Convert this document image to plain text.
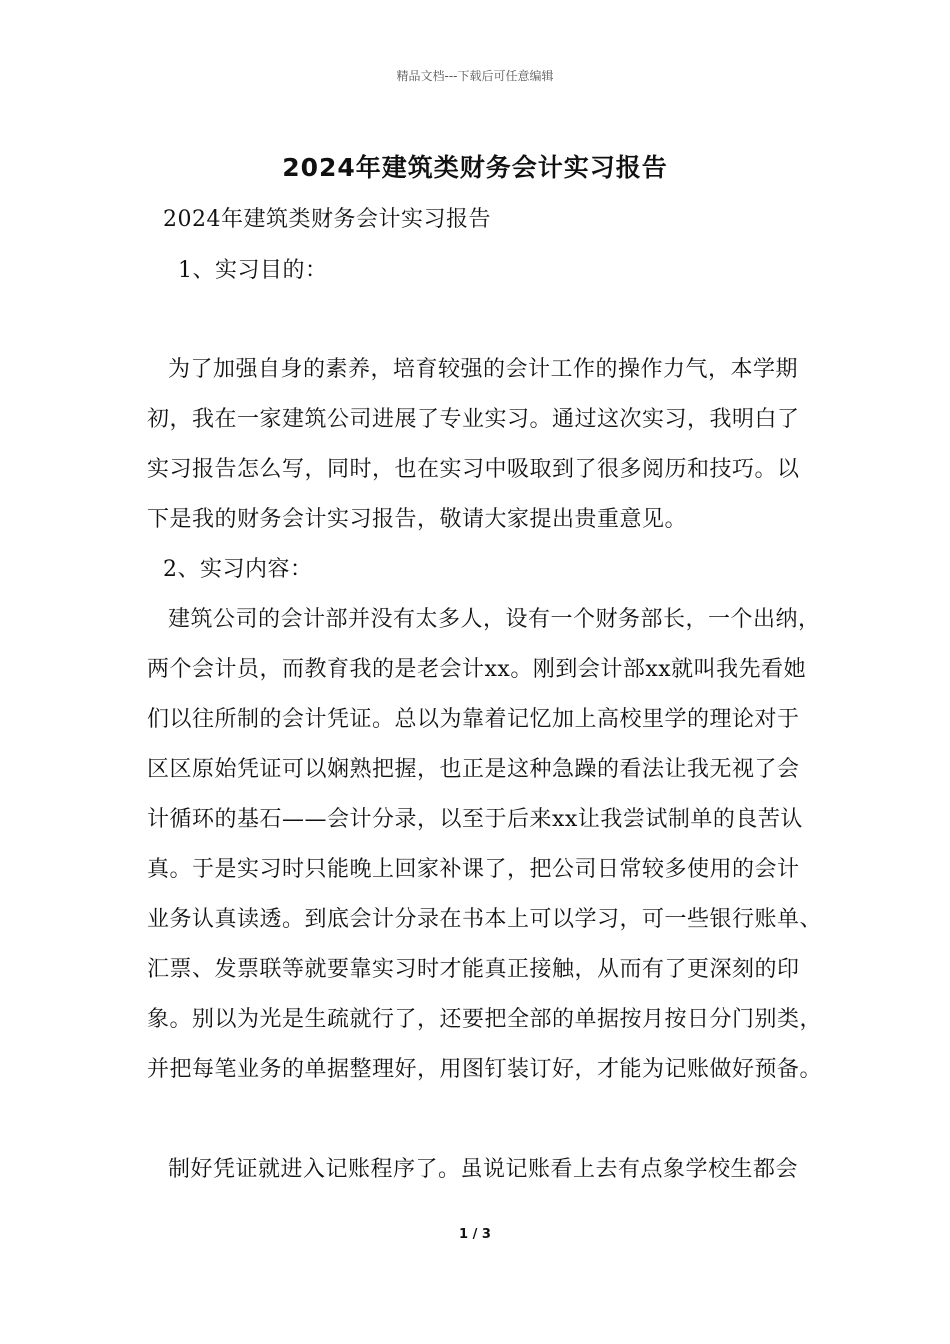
精品文档---下载后可任意编辑
2024年建筑类财务会计实习报告
2024年建筑类财务会计实习报告
1、实习目的：
为了加强自身的素养，培育较强的会计工作的操作力气，本学期
初，我在一家建筑公司进展了专业实习。通过这次实习，我明白了
实习报告怎么写，同时，也在实习中吸取到了很多阅历和技巧。以
下是我的财务会计实习报告，敬请大家提出贵重意见。
2、实习内容：
建筑公司的会计部并没有太多人，设有一个财务部长，一个出纳，
两个会计员，而教育我的是老会计xx。刚到会计部xx就叫我先看她
们以往所制的会计凭证。总以为靠着记忆加上高校里学的理论对于
区区原始凭证可以娴熟把握，也正是这种急躁的看法让我无视了会
计循环的基石——会计分录，以至于后来xx让我尝试制单的良苦认
真。于是实习时只能晚上回家补课了，把公司日常较多使用的会计
业务认真读透。到底会计分录在书本上可以学习，可一些银行账单、
汇票、发票联等就要靠实习时才能真正接触，从而有了更深刻的印
象。别以为光是生疏就行了，还要把全部的单据按月按日分门别类，
并把每笔业务的单据整理好，用图钉装订好，才能为记账做好预备。
制好凭证就进入记账程序了。虽说记账看上去有点象学校生都会
1 / 3
